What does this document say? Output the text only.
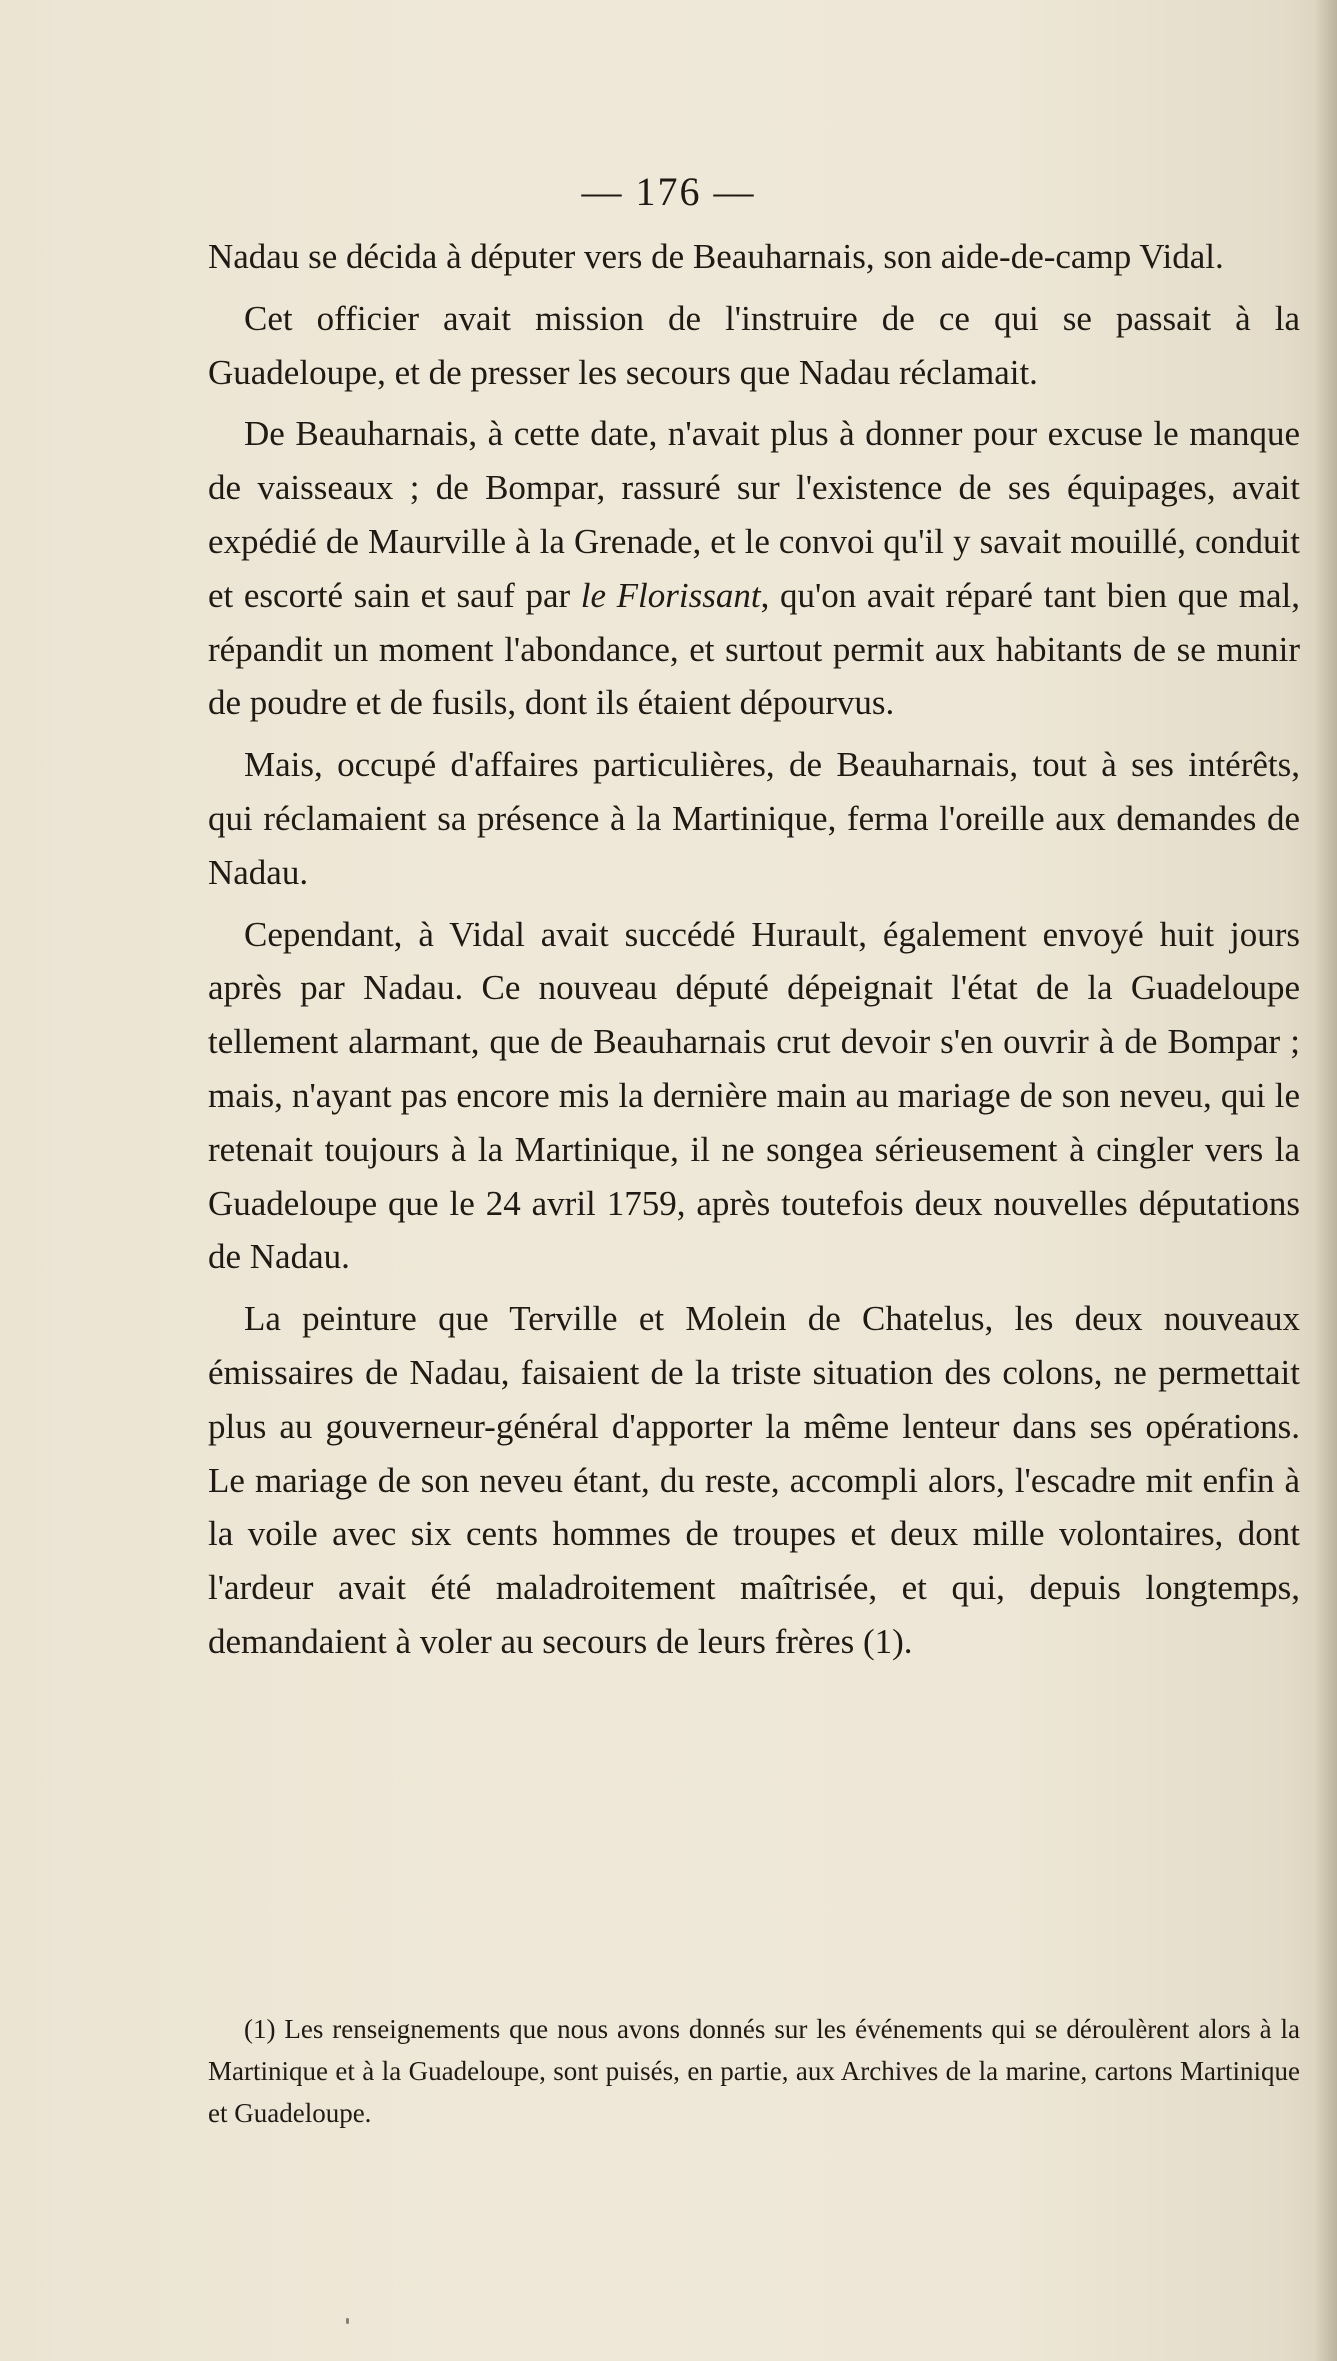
— 176 —

Nadau se décida à députer vers de Beauharnais, son aide-de-camp Vidal.

Cet officier avait mission de l'instruire de ce qui se passait à la Guadeloupe, et de presser les secours que Nadau réclamait.

De Beauharnais, à cette date, n'avait plus à donner pour excuse le manque de vaisseaux ; de Bompar, rassuré sur l'existence de ses équipages, avait expédié de Maurville à la Grenade, et le convoi qu'il y savait mouillé, conduit et escorté sain et sauf par le Florissant, qu'on avait réparé tant bien que mal, répandit un moment l'abondance, et surtout permit aux habitants de se munir de poudre et de fusils, dont ils étaient dépourvus.

Mais, occupé d'affaires particulières, de Beauharnais, tout à ses intérêts, qui réclamaient sa présence à la Martinique, ferma l'oreille aux demandes de Nadau.

Cependant, à Vidal avait succédé Hurault, également envoyé huit jours après par Nadau. Ce nouveau député dépeignait l'état de la Guadeloupe tellement alarmant, que de Beauharnais crut devoir s'en ouvrir à de Bompar ; mais, n'ayant pas encore mis la dernière main au mariage de son neveu, qui le retenait toujours à la Martinique, il ne songea sérieusement à cingler vers la Guadeloupe que le 24 avril 1759, après toutefois deux nouvelles députations de Nadau.

La peinture que Terville et Molein de Chatelus, les deux nouveaux émissaires de Nadau, faisaient de la triste situation des colons, ne permettait plus au gouverneur-général d'apporter la même lenteur dans ses opérations. Le mariage de son neveu étant, du reste, accompli alors, l'escadre mit enfin à la voile avec six cents hommes de troupes et deux mille volontaires, dont l'ardeur avait été maladroitement maîtrisée, et qui, depuis longtemps, demandaient à voler au secours de leurs frères (1).

(1) Les renseignements que nous avons donnés sur les événements qui se déroulèrent alors à la Martinique et à la Guadeloupe, sont puisés, en partie, aux Archives de la marine, cartons Martinique et Guadeloupe.
